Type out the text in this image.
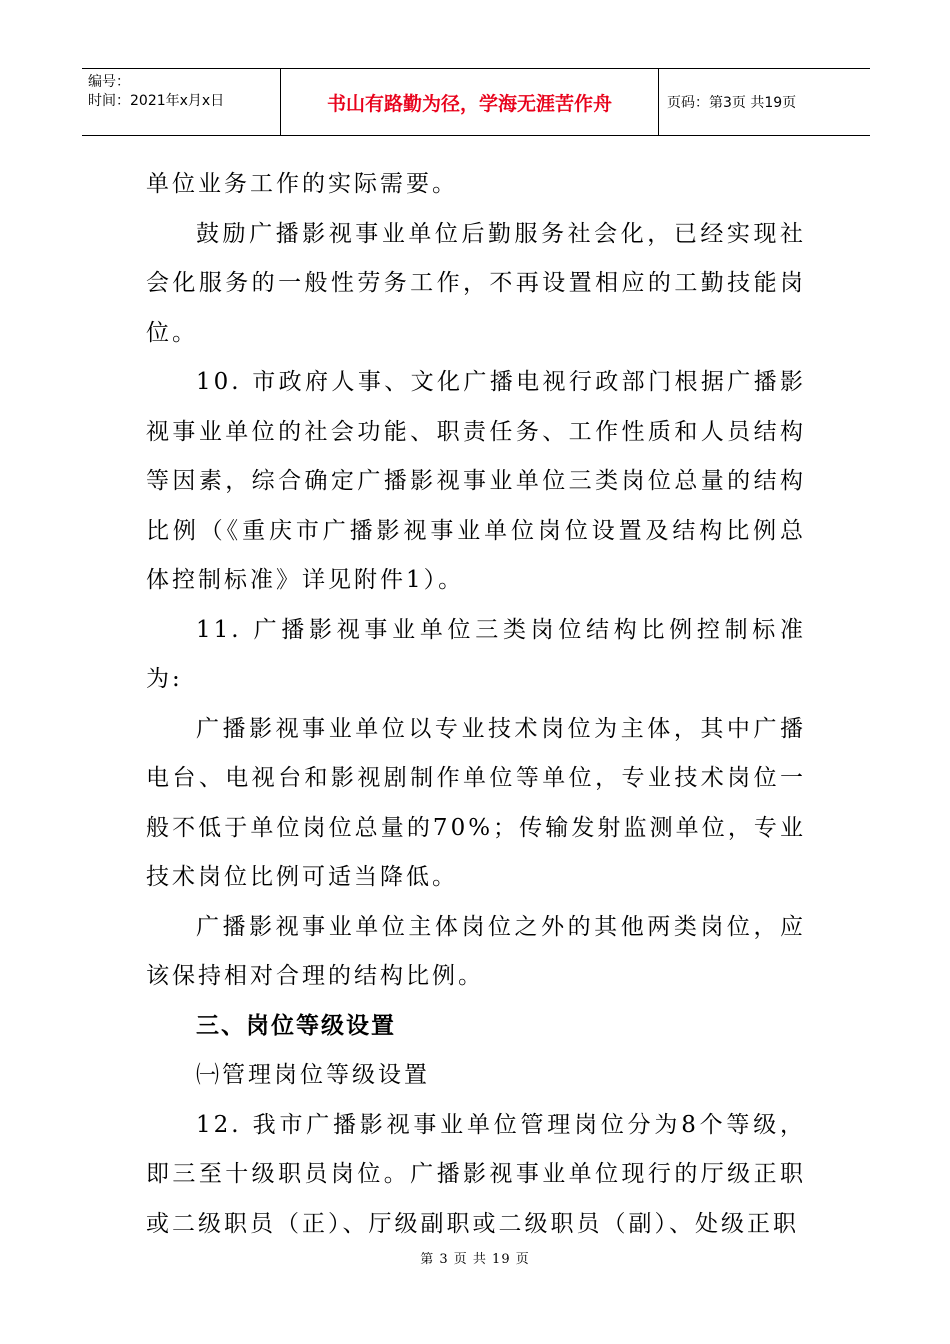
编号：
时间：2021年x月x日	书山有路勤为径，学海无涯苦作舟	页码：第3页 共19页

单位业务工作的实际需要。

鼓励广播影视事业单位后勤服务社会化，已经实现社会化服务的一般性劳务工作，不再设置相应的工勤技能岗位。

10. 市政府人事、文化广播电视行政部门根据广播影视事业单位的社会功能、职责任务、工作性质和人员结构等因素，综合确定广播影视事业单位三类岗位总量的结构比例（《重庆市广播影视事业单位岗位设置及结构比例总体控制标准》详见附件1）。

11. 广播影视事业单位三类岗位结构比例控制标准为:

广播影视事业单位以专业技术岗位为主体，其中广播电台、电视台和影视剧制作单位等单位，专业技术岗位一般不低于单位岗位总量的70%；传输发射监测单位，专业技术岗位比例可适当降低。

广播影视事业单位主体岗位之外的其他两类岗位，应该保持相对合理的结构比例。

三、岗位等级设置

㈠管理岗位等级设置

12. 我市广播影视事业单位管理岗位分为8个等级，即三至十级职员岗位。广播影视事业单位现行的厅级正职或二级职员（正）、厅级副职或二级职员（副）、处级正职

第 3 页 共 19 页
